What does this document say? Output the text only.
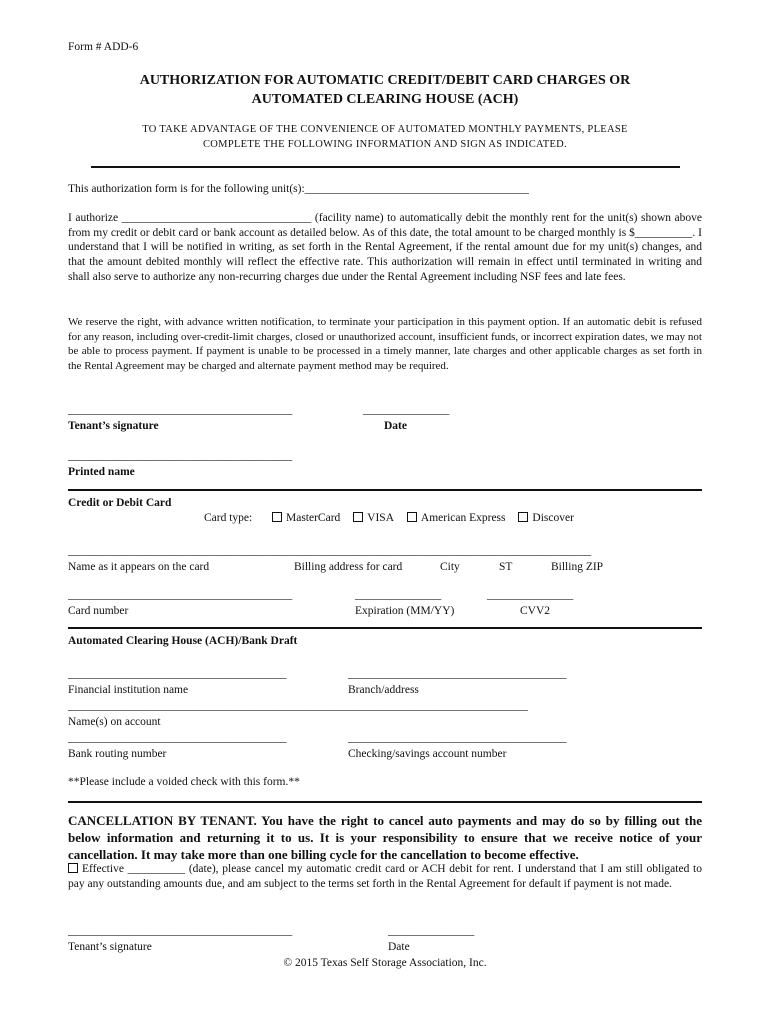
Form # ADD-6
AUTHORIZATION FOR AUTOMATIC CREDIT/DEBIT CARD CHARGES OR
AUTOMATED CLEARING HOUSE (ACH)
TO TAKE ADVANTAGE OF THE CONVENIENCE OF AUTOMATED MONTHLY PAYMENTS, PLEASE
COMPLETE THE FOLLOWING INFORMATION AND SIGN AS INDICATED.
This authorization form is for the following unit(s):_______________________________________
I authorize _________________________________ (facility name) to automatically debit the monthly rent for the unit(s) shown above from my credit or debit card or bank account as detailed below. As of this date, the total amount to be charged monthly is $__________. I understand that I will be notified in writing, as set forth in the Rental Agreement, if the rental amount due for my unit(s) changes, and that the amount debited monthly will reflect the effective rate. This authorization will remain in effect until terminated in writing and shall also serve to authorize any non-recurring charges due under the Rental Agreement including NSF fees and late fees.
We reserve the right, with advance written notification, to terminate your participation in this payment option. If an automatic debit is refused for any reason, including over-credit-limit charges, closed or unauthorized account, insufficient funds, or incorrect expiration dates, we may not be able to process payment. If payment is unable to be processed in a timely manner, late charges and other applicable charges as set forth in the Rental Agreement may be charged and alternate payment method may be required.
_______________________________________	_______________
Tenant’s signature	Date
_______________________________________
Printed name
Credit or Debit Card
Card type:	MasterCard VISA American Express Discover
___________________________________________________________________________________________
Name as it appears on the card	Billing address for card	City	ST	Billing ZIP
_______________________________________	_______________	_______________
Card number	Expiration (MM/YY)	CVV2
Automated Clearing House (ACH)/Bank Draft
______________________________________	______________________________________
Financial institution name	Branch/address
________________________________________________________________________________
Name(s) on account
______________________________________	______________________________________
Bank routing number	Checking/savings account number
**Please include a voided check with this form.**
CANCELLATION BY TENANT. You have the right to cancel auto payments and may do so by filling out the below information and returning it to us. It is your responsibility to ensure that we receive notice of your cancellation. It may take more than one billing cycle for the cancellation to become effective.
Effective __________ (date), please cancel my automatic credit card or ACH debit for rent. I understand that I am still obligated to pay any outstanding amounts due, and am subject to the terms set forth in the Rental Agreement for default if payment is not made.
_______________________________________	_______________
Tenant’s signature	Date
© 2015 Texas Self Storage Association, Inc.
